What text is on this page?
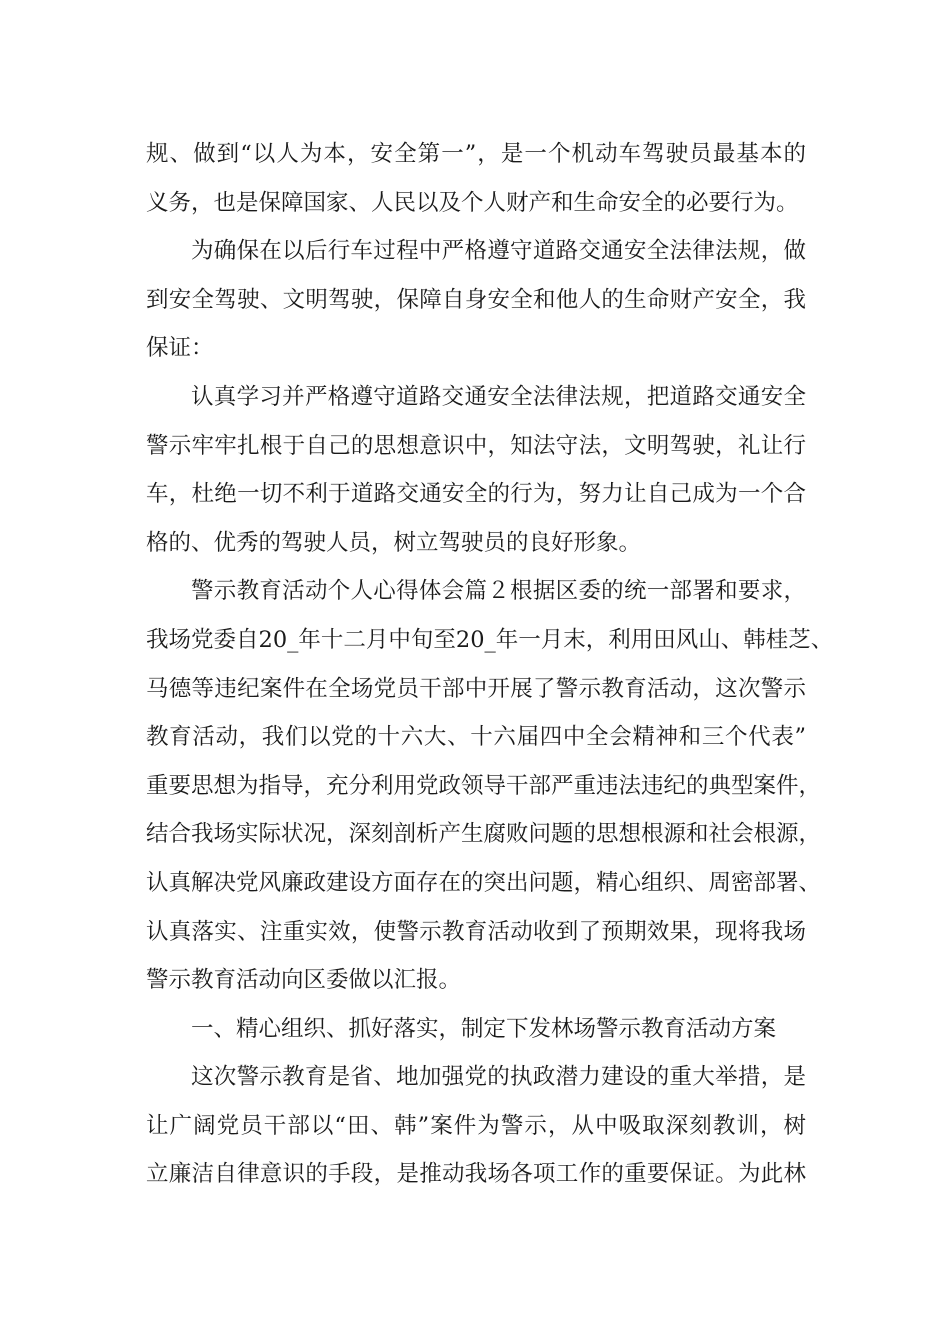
规、做到“以人为本，安全第一”，是一个机动车驾驶员最基本的
义务，也是保障国家、人民以及个人财产和生命安全的必要行为。
为确保在以后行车过程中严格遵守道路交通安全法律法规，做
到安全驾驶、文明驾驶，保障自身安全和他人的生命财产安全，我
保证：
认真学习并严格遵守道路交通安全法律法规，把道路交通安全
警示牢牢扎根于自己的思想意识中，知法守法，文明驾驶，礼让行
车，杜绝一切不利于道路交通安全的行为，努力让自己成为一个合
格的、优秀的驾驶人员，树立驾驶员的良好形象。
警示教育活动个人心得体会篇２根据区委的统一部署和要求，
我场党委自20_年十二月中旬至20_年一月末，利用田风山、韩桂芝、
马德等违纪案件在全场党员干部中开展了警示教育活动，这次警示
教育活动，我们以党的十六大、十六届四中全会精神和三个代表”
重要思想为指导，充分利用党政领导干部严重违法违纪的典型案件，
结合我场实际状况，深刻剖析产生腐败问题的思想根源和社会根源，
认真解决党风廉政建设方面存在的突出问题，精心组织、周密部署、
认真落实、注重实效，使警示教育活动收到了预期效果，现将我场
警示教育活动向区委做以汇报。
一、精心组织、抓好落实，制定下发林场警示教育活动方案
这次警示教育是省、地加强党的执政潜力建设的重大举措，是
让广阔党员干部以“田、韩”案件为警示，从中吸取深刻教训，树
立廉洁自律意识的手段，是推动我场各项工作的重要保证。为此林
